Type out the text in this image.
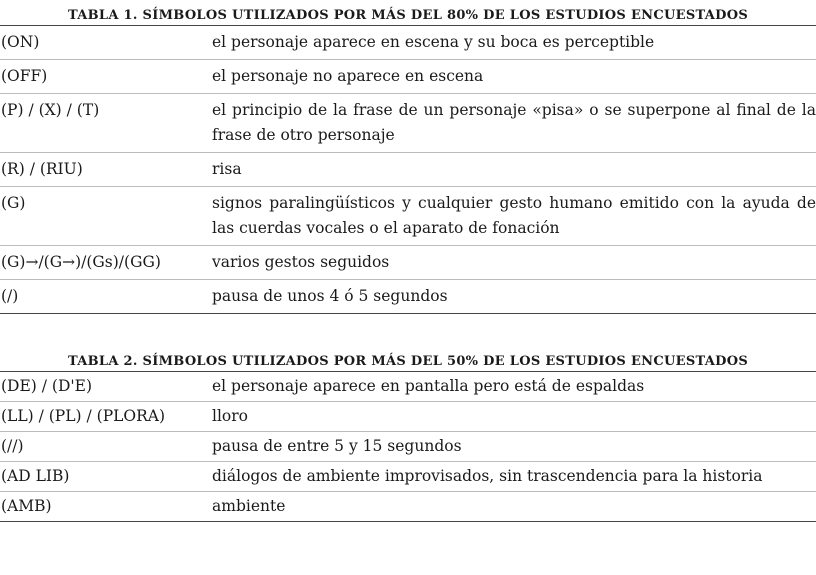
TABLA 1. SÍMBOLOS UTILIZADOS POR MÁS DEL 80% DE LOS ESTUDIOS ENCUESTADOS
(ON)	el personaje aparece en escena y su boca es perceptible
(OFF)	el personaje no aparece en escena
(P) / (X) / (T)	el principio de la frase de un personaje «pisa» o se superpone al final de la frase de otro personaje
(R) / (RIU)	risa
(G)	signos paralingüísticos y cualquier gesto humano emitido con la ayuda de las cuerdas vocales o el aparato de fonación
(G)→/(G→)/(Gs)/(GG)	varios gestos seguidos
(/)	pausa de unos 4 ó 5 segundos
TABLA 2. SÍMBOLOS UTILIZADOS POR MÁS DEL 50% DE LOS ESTUDIOS ENCUESTADOS
(DE) / (D'E)	el personaje aparece en pantalla pero está de espaldas
(LL) / (PL) / (PLORA)	lloro
(//)	pausa de entre 5 y 15 segundos
(AD LIB)	diálogos de ambiente improvisados, sin trascendencia para la historia
(AMB)	ambiente
